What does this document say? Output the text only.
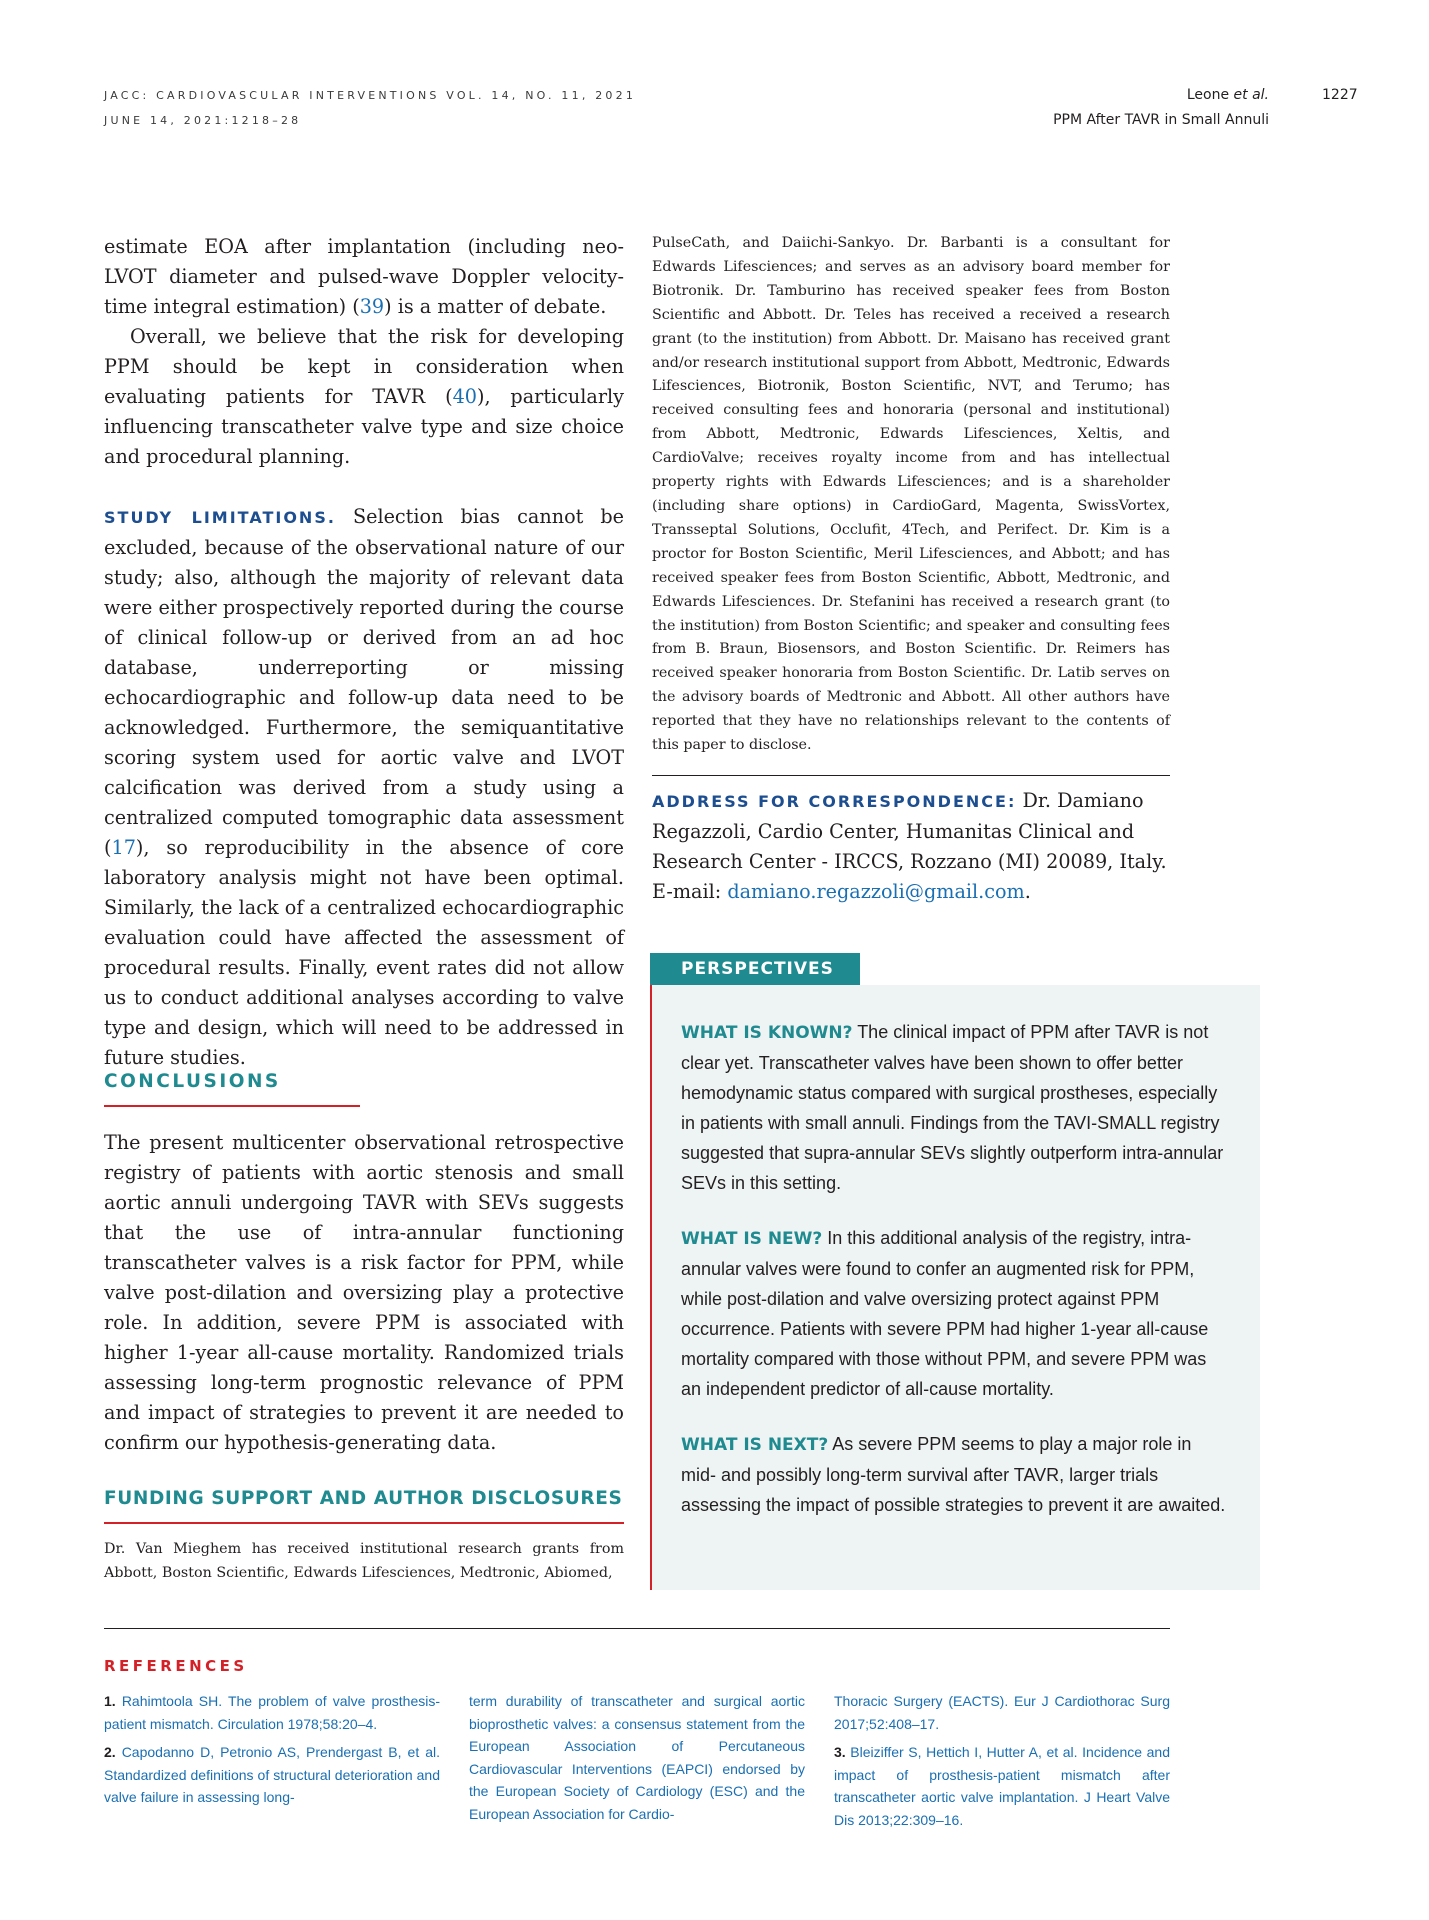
JACC: CARDIOVASCULAR INTERVENTIONS VOL. 14, NO. 11, 2021
JUNE 14, 2021:1218–28
Leone et al.
PPM After TAVR in Small Annuli
1227

estimate EOA after implantation (including neo-LVOT diameter and pulsed-wave Doppler velocity-time integral estimation) (39) is a matter of debate.

Overall, we believe that the risk for developing PPM should be kept in consideration when evaluating patients for TAVR (40), particularly influencing transcatheter valve type and size choice and procedural planning.

STUDY LIMITATIONS. Selection bias cannot be excluded, because of the observational nature of our study; also, although the majority of relevant data were either prospectively reported during the course of clinical follow-up or derived from an ad hoc database, underreporting or missing echocardiographic and follow-up data need to be acknowledged. Furthermore, the semiquantitative scoring system used for aortic valve and LVOT calcification was derived from a study using a centralized computed tomographic data assessment (17), so reproducibility in the absence of core laboratory analysis might not have been optimal. Similarly, the lack of a centralized echocardiographic evaluation could have affected the assessment of procedural results. Finally, event rates did not allow us to conduct additional analyses according to valve type and design, which will need to be addressed in future studies.

CONCLUSIONS
The present multicenter observational retrospective registry of patients with aortic stenosis and small aortic annuli undergoing TAVR with SEVs suggests that the use of intra-annular functioning transcatheter valves is a risk factor for PPM, while valve post-dilation and oversizing play a protective role. In addition, severe PPM is associated with higher 1-year all-cause mortality. Randomized trials assessing long-term prognostic relevance of PPM and impact of strategies to prevent it are needed to confirm our hypothesis-generating data.
FUNDING SUPPORT AND AUTHOR DISCLOSURES
Dr. Van Mieghem has received institutional research grants from Abbott, Boston Scientific, Edwards Lifesciences, Medtronic, Abiomed,
PulseCath, and Daiichi-Sankyo. Dr. Barbanti is a consultant for Edwards Lifesciences; and serves as an advisory board member for Biotronik. Dr. Tamburino has received speaker fees from Boston Scientific and Abbott. Dr. Teles has received a received a research grant (to the institution) from Abbott. Dr. Maisano has received grant and/or research institutional support from Abbott, Medtronic, Edwards Lifesciences, Biotronik, Boston Scientific, NVT, and Terumo; has received consulting fees and honoraria (personal and institutional) from Abbott, Medtronic, Edwards Lifesciences, Xeltis, and CardioValve; receives royalty income from and has intellectual property rights with Edwards Lifesciences; and is a shareholder (including share options) in CardioGard, Magenta, SwissVortex, Transseptal Solutions, Occlufit, 4Tech, and Perifect. Dr. Kim is a proctor for Boston Scientific, Meril Lifesciences, and Abbott; and has received speaker fees from Boston Scientific, Abbott, Medtronic, and Edwards Lifesciences. Dr. Stefanini has received a research grant (to the institution) from Boston Scientific; and speaker and consulting fees from B. Braun, Biosensors, and Boston Scientific. Dr. Reimers has received speaker honoraria from Boston Scientific. Dr. Latib serves on the advisory boards of Medtronic and Abbott. All other authors have reported that they have no relationships relevant to the contents of this paper to disclose.
ADDRESS FOR CORRESPONDENCE: Dr. Damiano Regazzoli, Cardio Center, Humanitas Clinical and Research Center - IRCCS, Rozzano (MI) 20089, Italy. E-mail: damiano.regazzoli@gmail.com.
PERSPECTIVES

WHAT IS KNOWN? The clinical impact of PPM after TAVR is not clear yet. Transcatheter valves have been shown to offer better hemodynamic status compared with surgical prostheses, especially in patients with small annuli. Findings from the TAVI-SMALL registry suggested that supra-annular SEVs slightly outperform intra-annular SEVs in this setting.

WHAT IS NEW? In this additional analysis of the registry, intra-annular valves were found to confer an augmented risk for PPM, while post-dilation and valve oversizing protect against PPM occurrence. Patients with severe PPM had higher 1-year all-cause mortality compared with those without PPM, and severe PPM was an independent predictor of all-cause mortality.

WHAT IS NEXT? As severe PPM seems to play a major role in mid- and possibly long-term survival after TAVR, larger trials assessing the impact of possible strategies to prevent it are awaited.

REFERENCES

1. Rahimtoola SH. The problem of valve prosthesis-patient mismatch. Circulation 1978;58:20–4.

2. Capodanno D, Petronio AS, Prendergast B, et al. Standardized definitions of structural deterioration and valve failure in assessing long-

term durability of transcatheter and surgical aortic bioprosthetic valves: a consensus statement from the European Association of Percutaneous Cardiovascular Interventions (EAPCI) endorsed by the European Society of Cardiology (ESC) and the European Association for Cardio-

Thoracic Surgery (EACTS). Eur J Cardiothorac Surg 2017;52:408–17.

3. Bleiziffer S, Hettich I, Hutter A, et al. Incidence and impact of prosthesis-patient mismatch after transcatheter aortic valve implantation. J Heart Valve Dis 2013;22:309–16.
